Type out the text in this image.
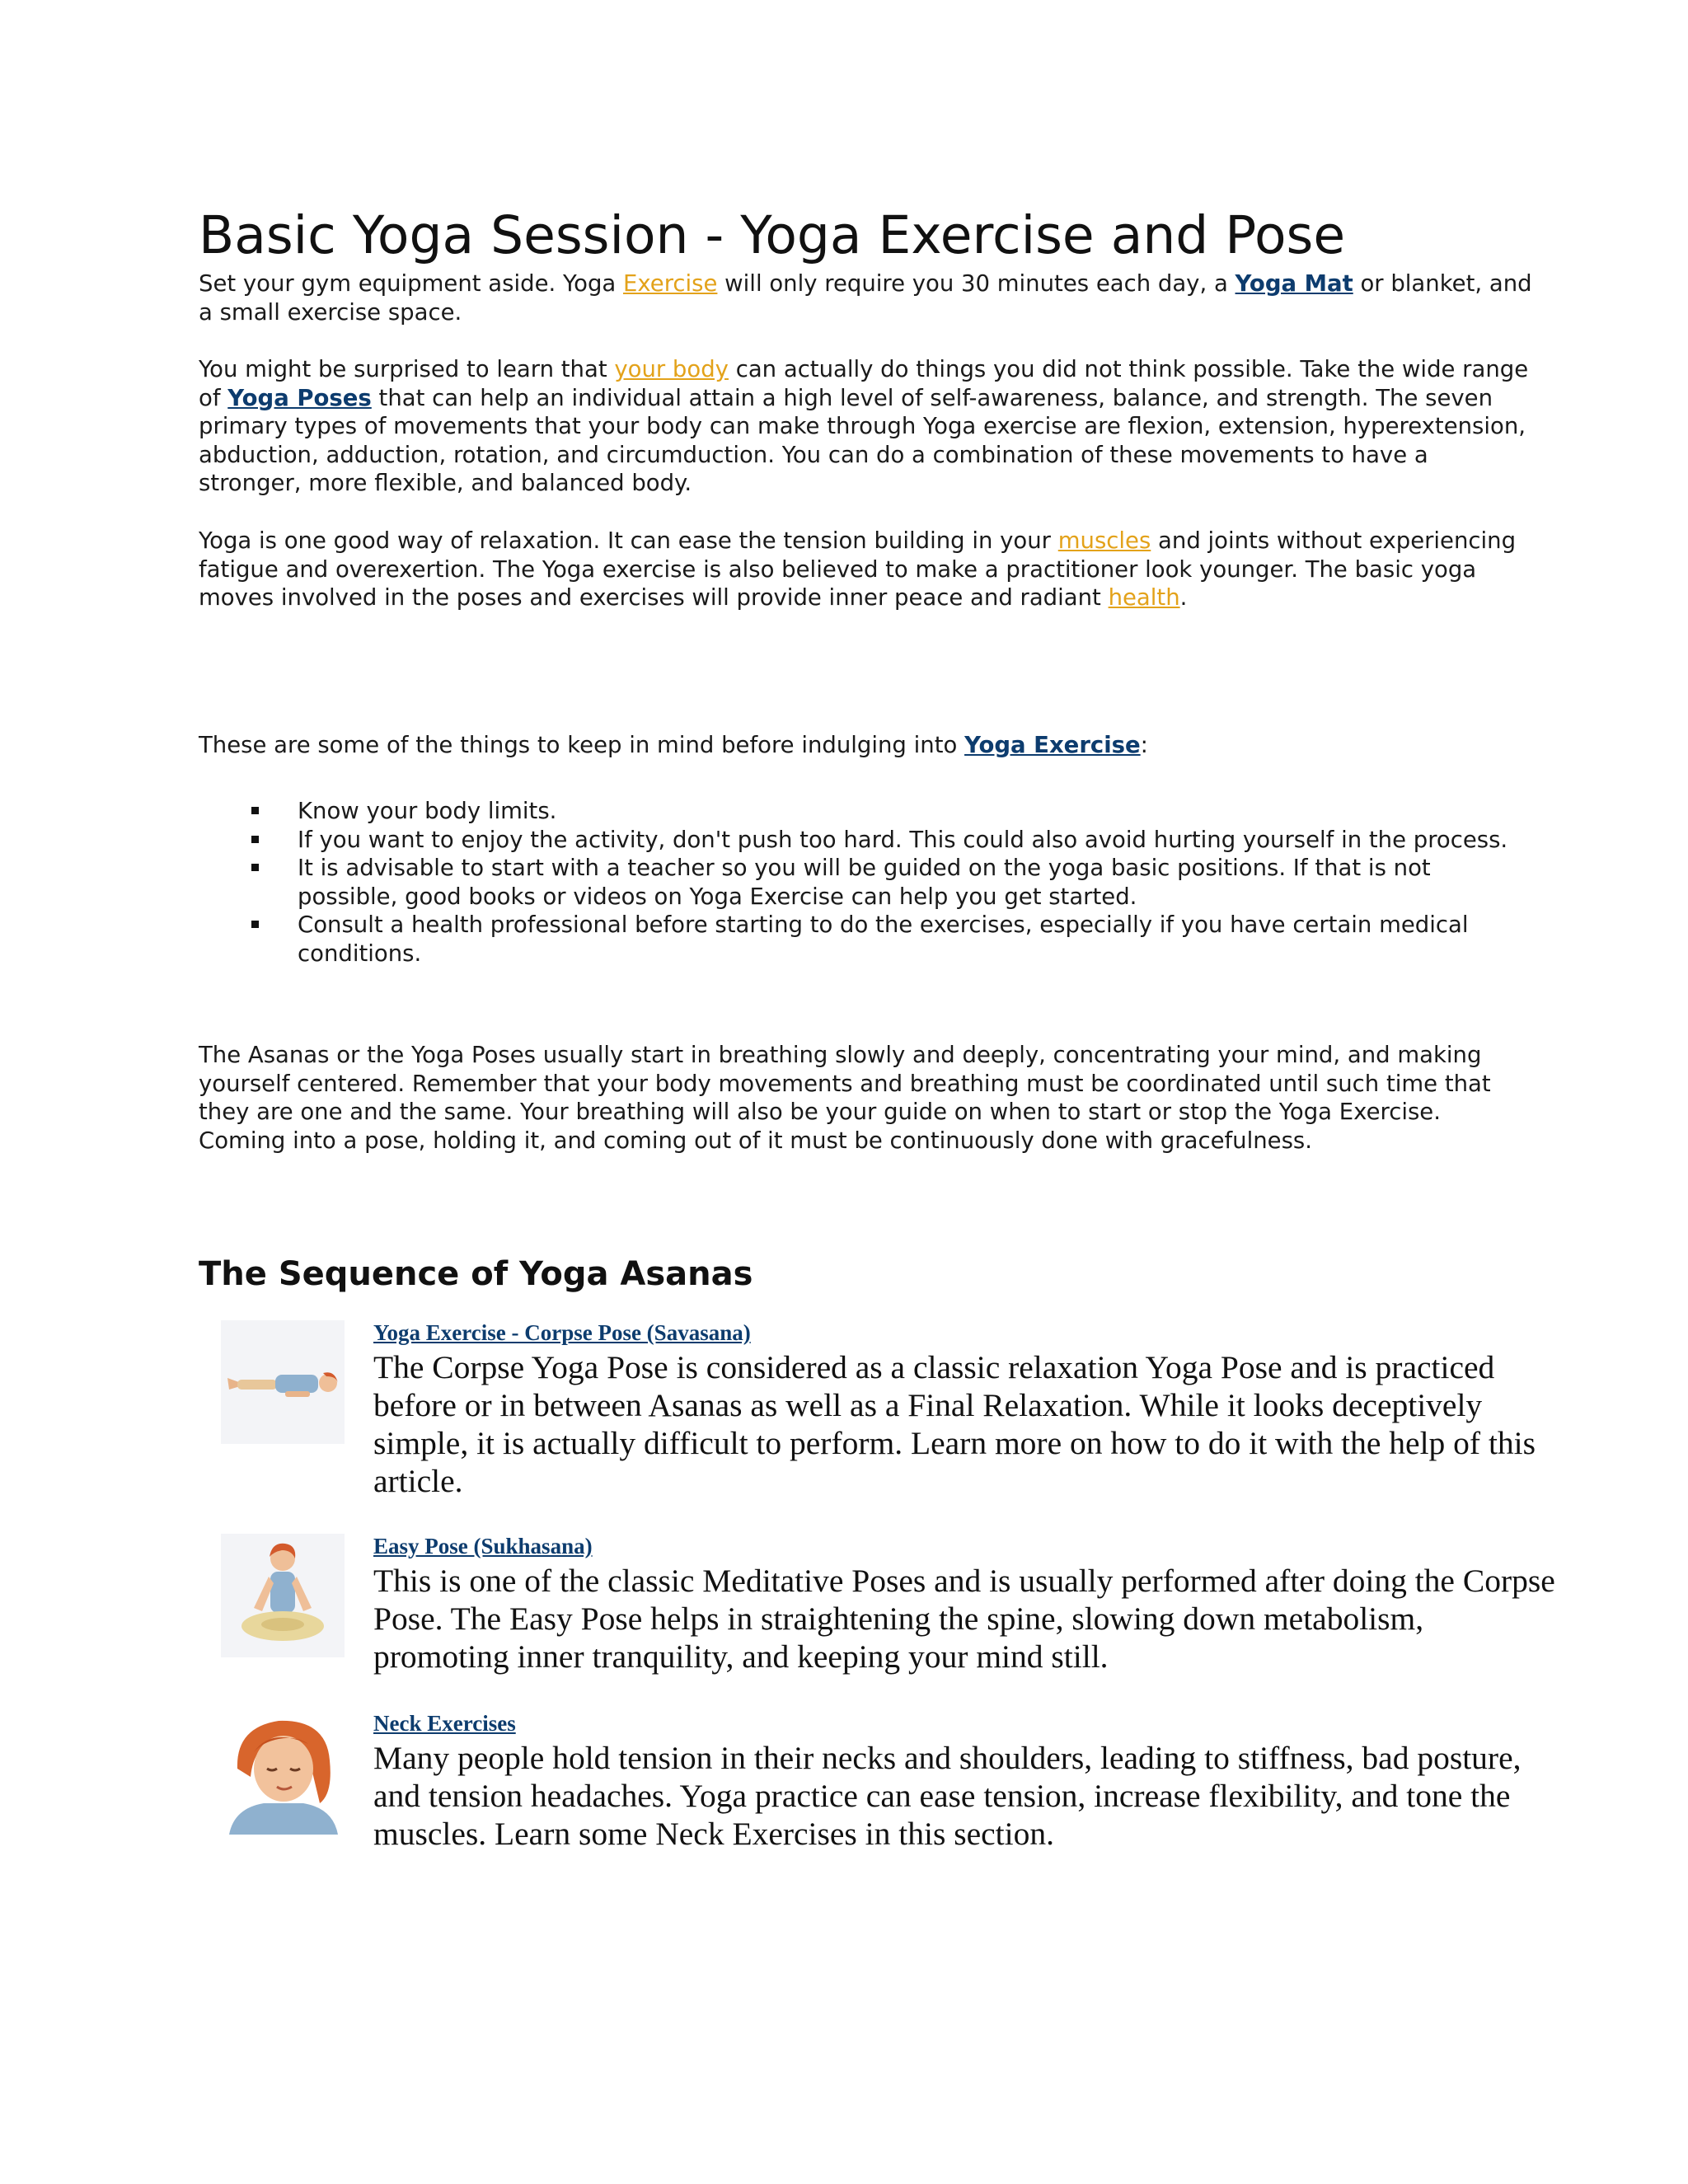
Basic Yoga Session - Yoga Exercise and Pose

Set your gym equipment aside. Yoga Exercise will only require you 30 minutes each day, a Yoga Mat or blanket, and a small exercise space.

You might be surprised to learn that your body can actually do things you did not think possible. Take the wide range of Yoga Poses that can help an individual attain a high level of self-awareness, balance, and strength. The seven primary types of movements that your body can make through Yoga exercise are flexion, extension, hyperextension, abduction, adduction, rotation, and circumduction. You can do a combination of these movements to have a stronger, more flexible, and balanced body.

Yoga is one good way of relaxation. It can ease the tension building in your muscles and joints without experiencing fatigue and overexertion. The Yoga exercise is also believed to make a practitioner look younger. The basic yoga moves involved in the poses and exercises will provide inner peace and radiant health.

These are some of the things to keep in mind before indulging into Yoga Exercise:

Know your body limits.
If you want to enjoy the activity, don't push too hard. This could also avoid hurting yourself in the process.
It is advisable to start with a teacher so you will be guided on the yoga basic positions. If that is not possible, good books or videos on Yoga Exercise can help you get started.
Consult a health professional before starting to do the exercises, especially if you have certain medical conditions.

The Asanas or the Yoga Poses usually start in breathing slowly and deeply, concentrating your mind, and making yourself centered. Remember that your body movements and breathing must be coordinated until such time that they are one and the same. Your breathing will also be your guide on when to start or stop the Yoga Exercise. Coming into a pose, holding it, and coming out of it must be continuously done with gracefulness.

The Sequence of Yoga Asanas
Yoga Exercise - Corpse Pose (Savasana)

The Corpse Yoga Pose is considered as a classic relaxation Yoga Pose and is practiced before or in between Asanas as well as a Final Relaxation. While it looks deceptively simple, it is actually difficult to perform. Learn more on how to do it with the help of this article.

Easy Pose (Sukhasana)

This is one of the classic Meditative Poses and is usually performed after doing the Corpse Pose. The Easy Pose helps in straightening the spine, slowing down metabolism, promoting inner tranquility, and keeping your mind still.

Neck Exercises

Many people hold tension in their necks and shoulders, leading to stiffness, bad posture, and tension headaches. Yoga practice can ease tension, increase flexibility, and tone the muscles. Learn some Neck Exercises in this section.
